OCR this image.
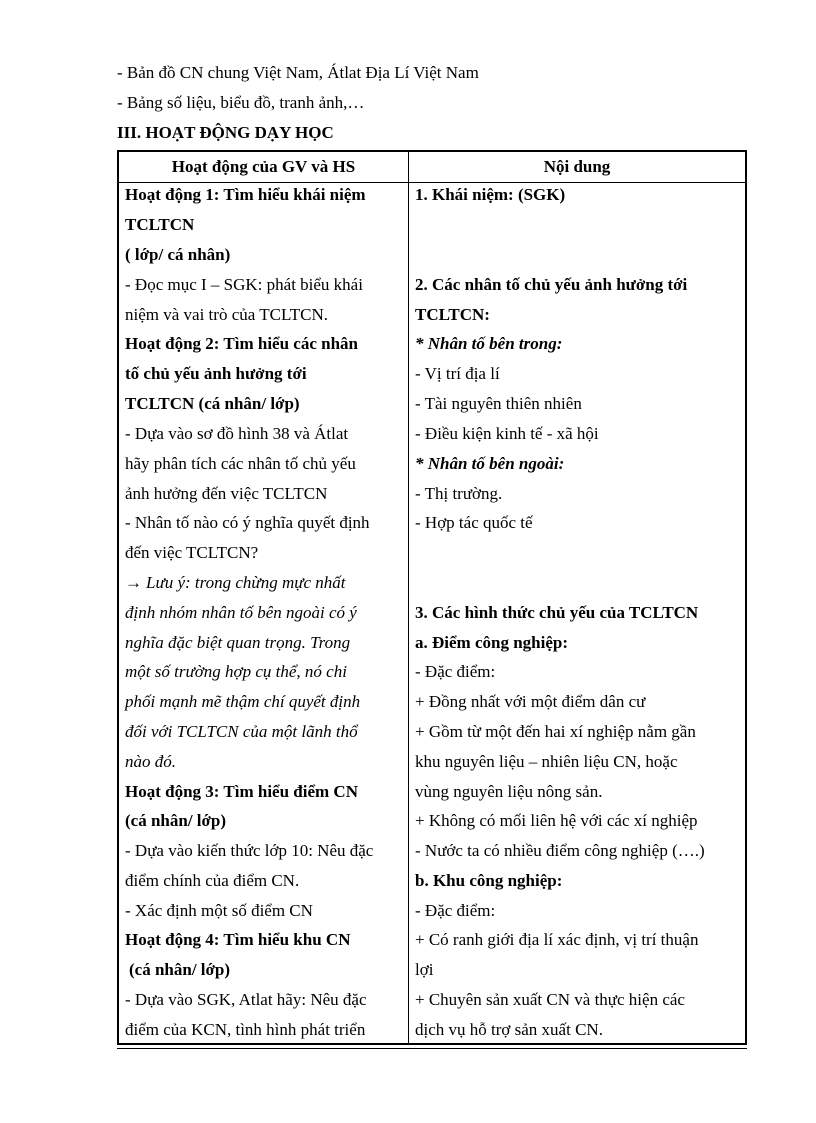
- Bản đồ CN chung Việt Nam, Átlat Địa Lí Việt Nam
- Bảng số liệu, biểu đồ, tranh ảnh,…
III. HOẠT ĐỘNG DẠY HỌC
Hoạt động của GV và HS	Nội dung
Hoạt động 1: Tìm hiểu khái niệm
TCLTCN
( lớp/ cá nhân)
- Đọc mục I – SGK: phát biểu khái
niệm và vai trò của TCLTCN.
Hoạt động 2: Tìm hiểu các nhân
tố chủ yếu ảnh hưởng tới
TCLTCN (cá nhân/ lớp)
- Dựa vào sơ đồ hình 38 và Átlat
hãy phân tích các nhân tố chủ yếu
ảnh hưởng đến việc TCLTCN
- Nhân tố nào có ý nghĩa quyết định
đến việc TCLTCN?
→ Lưu ý: trong chừng mực nhất
định nhóm nhân tố bên ngoài có ý
nghĩa đặc biệt quan trọng. Trong
một số trường hợp cụ thể, nó chi
phối mạnh mẽ thậm chí quyết định
đối với TCLTCN của một lãnh thổ
nào đó.
Hoạt động 3: Tìm hiểu điểm CN
(cá nhân/ lớp)
- Dựa vào kiến thức lớp 10: Nêu đặc
điểm chính của điểm CN.
- Xác định một số điểm CN
Hoạt động 4: Tìm hiểu khu CN
(cá nhân/ lớp)
- Dựa vào SGK, Atlat hãy: Nêu đặc
điểm của KCN, tình hình phát triển
1. Khái niệm: (SGK)
2. Các nhân tố chủ yếu ảnh hưởng tới
TCLTCN:
* Nhân tố bên trong:
- Vị trí địa lí
- Tài nguyên thiên nhiên
- Điều kiện kinh tế - xã hội
* Nhân tố bên ngoài:
- Thị trường.
- Hợp tác quốc tế
3. Các hình thức chủ yếu của TCLTCN
a. Điểm công nghiệp:
- Đặc điểm:
+ Đồng nhất với một điểm dân cư
+ Gồm từ một đến hai xí nghiệp nằm gần
khu nguyên liệu – nhiên liệu CN, hoặc
vùng nguyên liệu nông sản.
+ Không có mối liên hệ với các xí nghiệp
- Nước ta có nhiều điểm công nghiệp (….)
b. Khu công nghiệp:
- Đặc điểm:
+ Có ranh giới địa lí xác định, vị trí thuận
lợi
+ Chuyên sản xuất CN và thực hiện các
dịch vụ hỗ trợ sản xuất CN.
